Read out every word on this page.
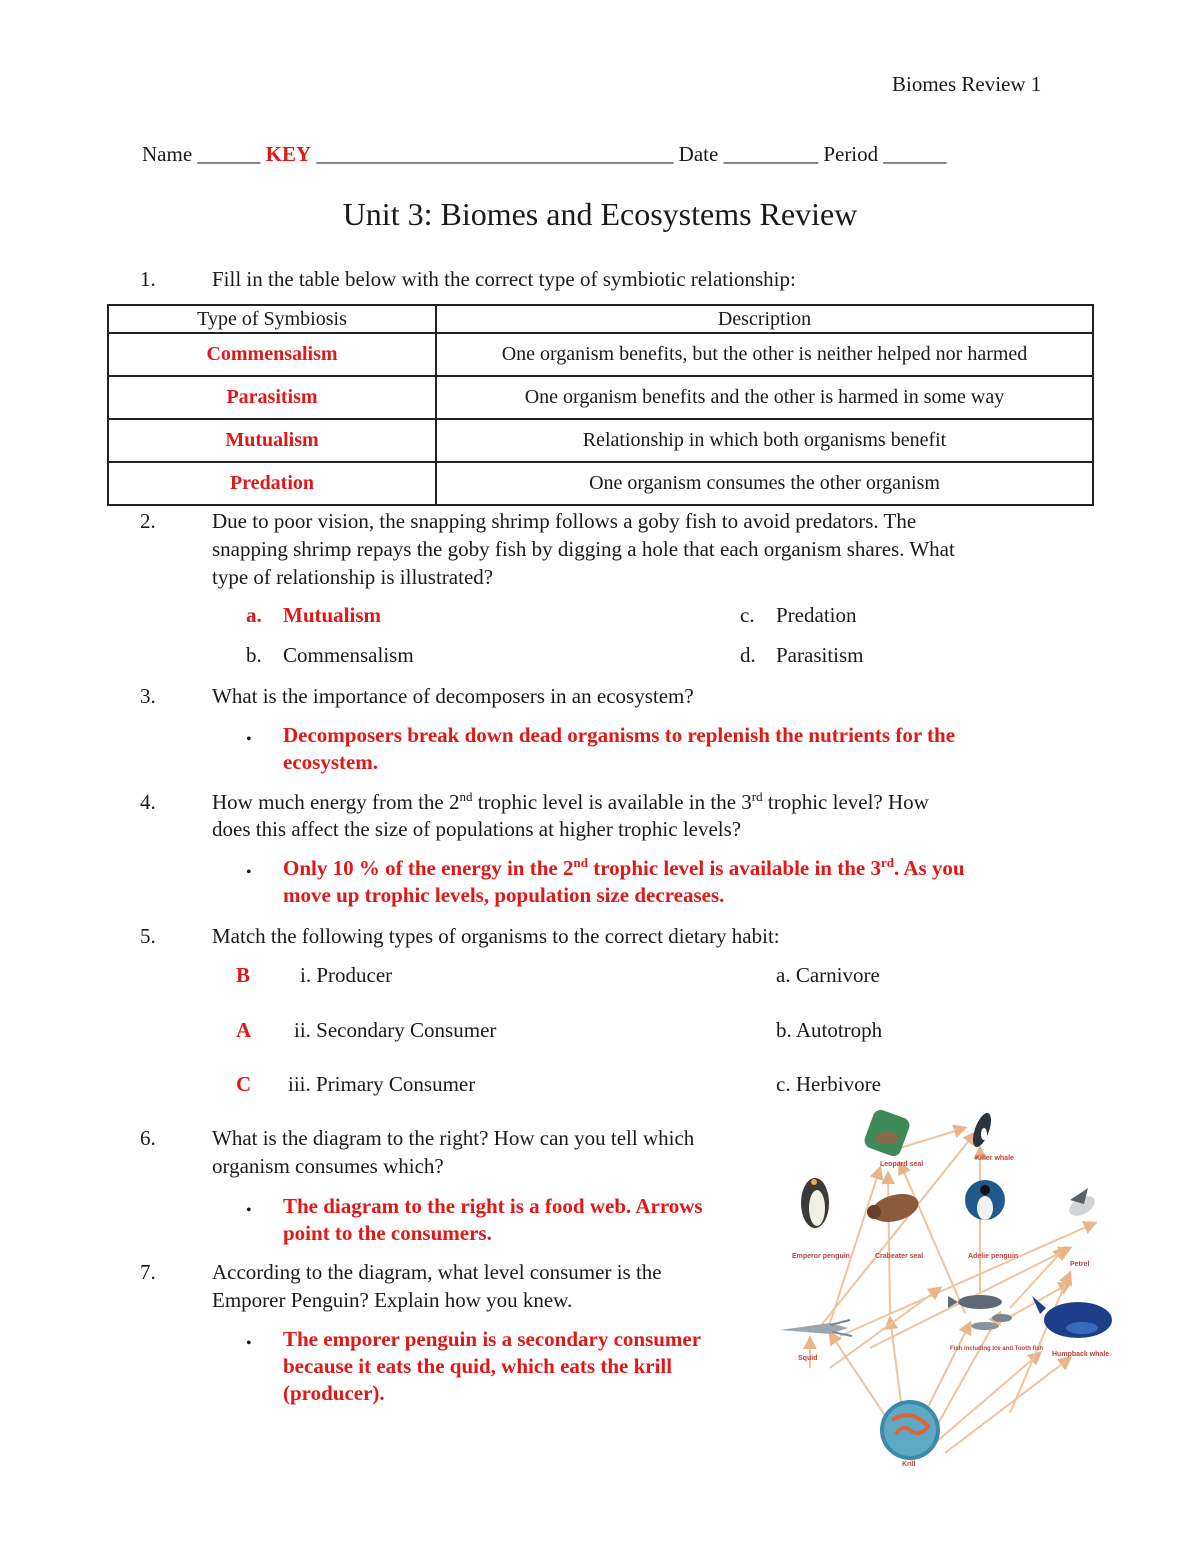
Biomes Review 1
Name ______ KEY __________________________________ Date _________ Period ______
Unit 3: Biomes and Ecosystems Review
1.	Fill in the table below with the correct type of symbiotic relationship:
Type of Symbiosis	Description
Commensalism	One organism benefits, but the other is neither helped nor harmed
Parasitism	One organism benefits and the other is harmed in some way
Mutualism	Relationship in which both organisms benefit
Predation	One organism consumes the other organism
2.	Due to poor vision, the snapping shrimp follows a goby fish to avoid predators. The
snapping shrimp repays the goby fish by digging a hole that each organism shares. What
type of relationship is illustrated?
a. Mutualism
b. Commensalism
c. Predation
d. Parasitism
3.	What is the importance of decomposers in an ecosystem?
• Decomposers break down dead organisms to replenish the nutrients for the
ecosystem.
4.	How much energy from the 2nd trophic level is available in the 3rd trophic level? How
does this affect the size of populations at higher trophic levels?
• Only 10 % of the energy in the 2nd trophic level is available in the 3rd. As you
move up trophic levels, population size decreases.
5.	Match the following types of organisms to the correct dietary habit:
B i. Producer	a. Carnivore
A ii. Secondary Consumer	b. Autotroph
C iii. Primary Consumer	c. Herbivore
6.	What is the diagram to the right? How can you tell which
organism consumes which?
• The diagram to the right is a food web. Arrows
point to the consumers.
7.	According to the diagram, what level consumer is the
Emporer Penguin? Explain how you knew.
• The emporer penguin is a secondary consumer
because it eats the quid, which eats the krill
(producer).
Leopard seal
Killer whale
Emperor penguin	Crabeater seal	Adelie penguin
Petrel
Squid
Fish including Ice and Tooth fish
Humpback whale
Krill
